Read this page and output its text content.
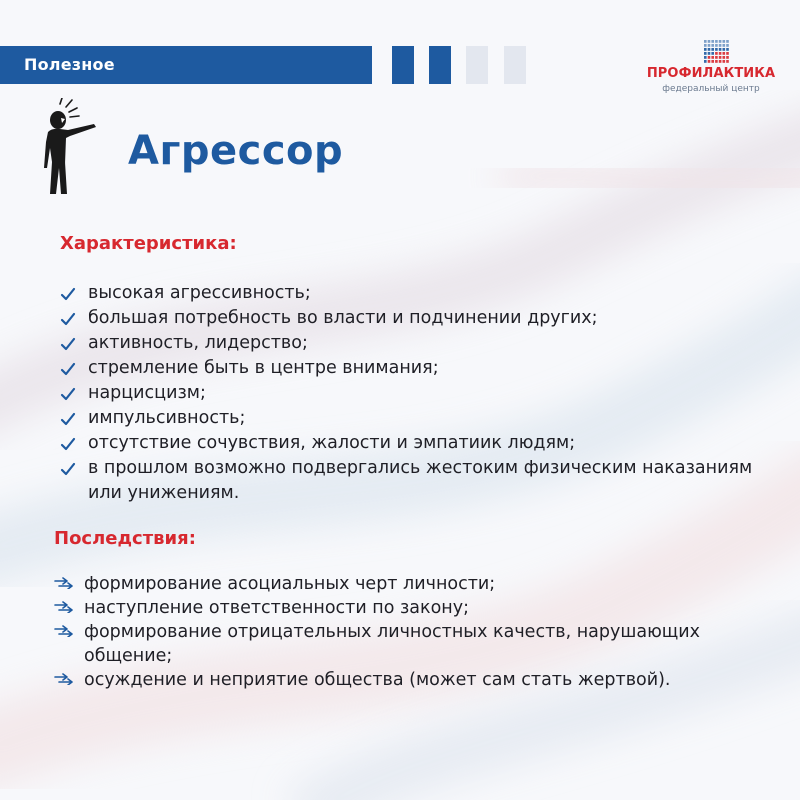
Полезное	ПРОФИЛАКТИКА
федеральный центр
Агрессор
Характеристика:
высокая агрессивность;
большая потребность во власти и подчинении других;
активность, лидерство;
стремление быть в центре внимания;
нарцисцизм;
импульсивность;
отсутствие сочувствия, жалости и эмпатиик людям;
в прошлом возможно подвергались жестоким физическим наказаниям или унижениям.
Последствия:
формирование асоциальных черт личности;
наступление ответственности по закону;
формирование отрицательных личностных качеств, нарушающих общение;
осуждение и неприятие общества (может сам стать жертвой).
